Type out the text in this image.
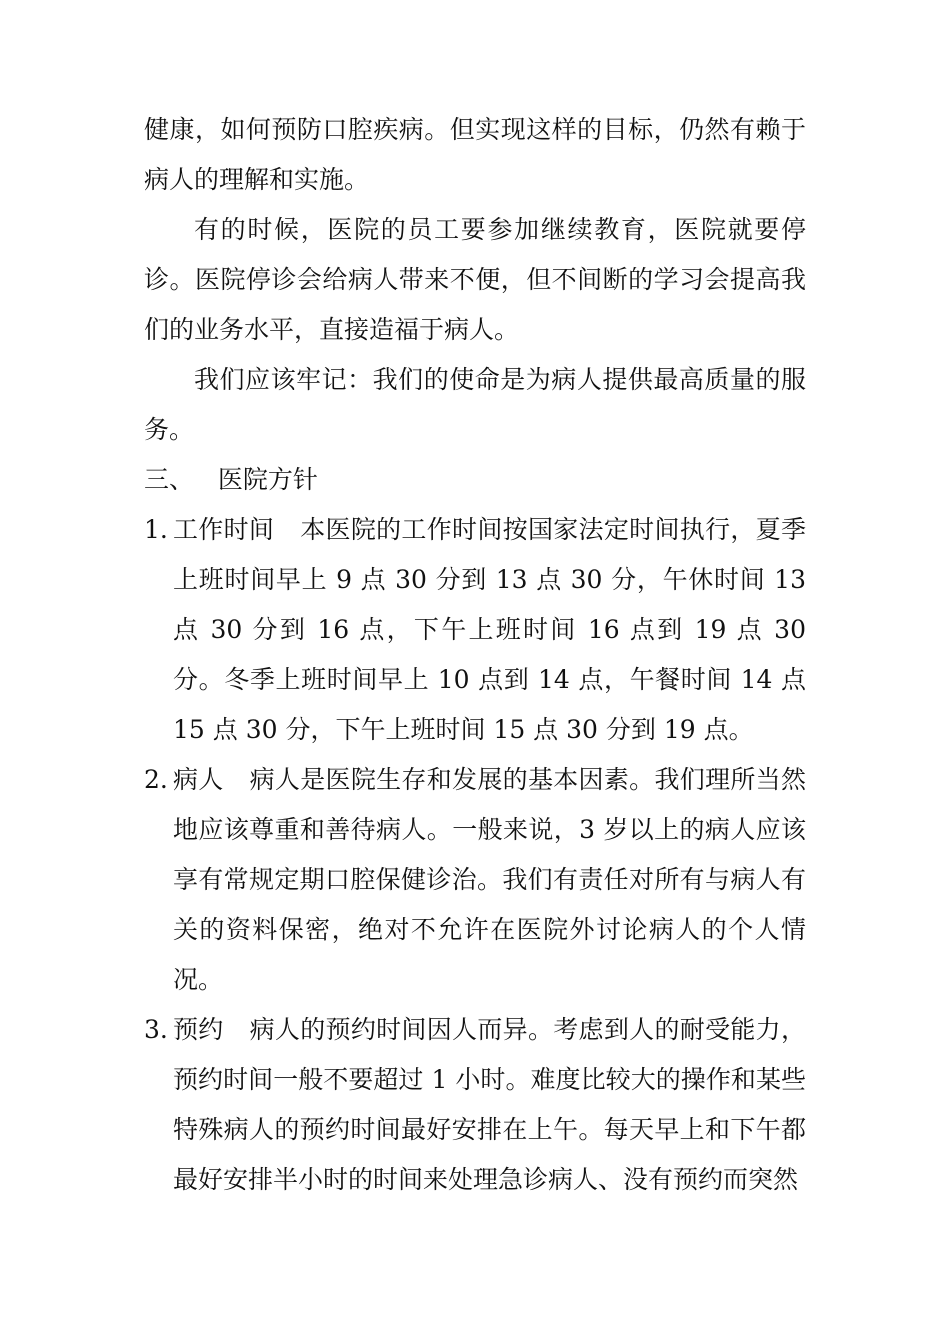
健康，如何预防口腔疾病。但实现这样的目标，仍然有赖于病人的理解和实施。

有的时候，医院的员工要参加继续教育，医院就要停诊。医院停诊会给病人带来不便，但不间断的学习会提高我们的业务水平，直接造福于病人。

我们应该牢记：我们的使命是为病人提供最高质量的服务。

三、 医院方针
1. 工作时间 本医院的工作时间按国家法定时间执行，夏季上班时间早上 9 点 30 分到 13 点 30 分，午休时间 13 点 30 分到 16 点，下午上班时间 16 点到 19 点 30 分。冬季上班时间早上 10 点到 14 点，午餐时间 14 点 15 点 30 分，下午上班时间 15 点 30 分到 19 点。
2. 病人 病人是医院生存和发展的基本因素。我们理所当然地应该尊重和善待病人。一般来说，3 岁以上的病人应该享有常规定期口腔保健诊治。我们有责任对所有与病人有关的资料保密，绝对不允许在医院外讨论病人的个人情况。
3. 预约 病人的预约时间因人而异。考虑到人的耐受能力，预约时间一般不要超过 1 小时。难度比较大的操作和某些特殊病人的预约时间最好安排在上午。每天早上和下午都最好安排半小时的时间来处理急诊病人、没有预约而突然
